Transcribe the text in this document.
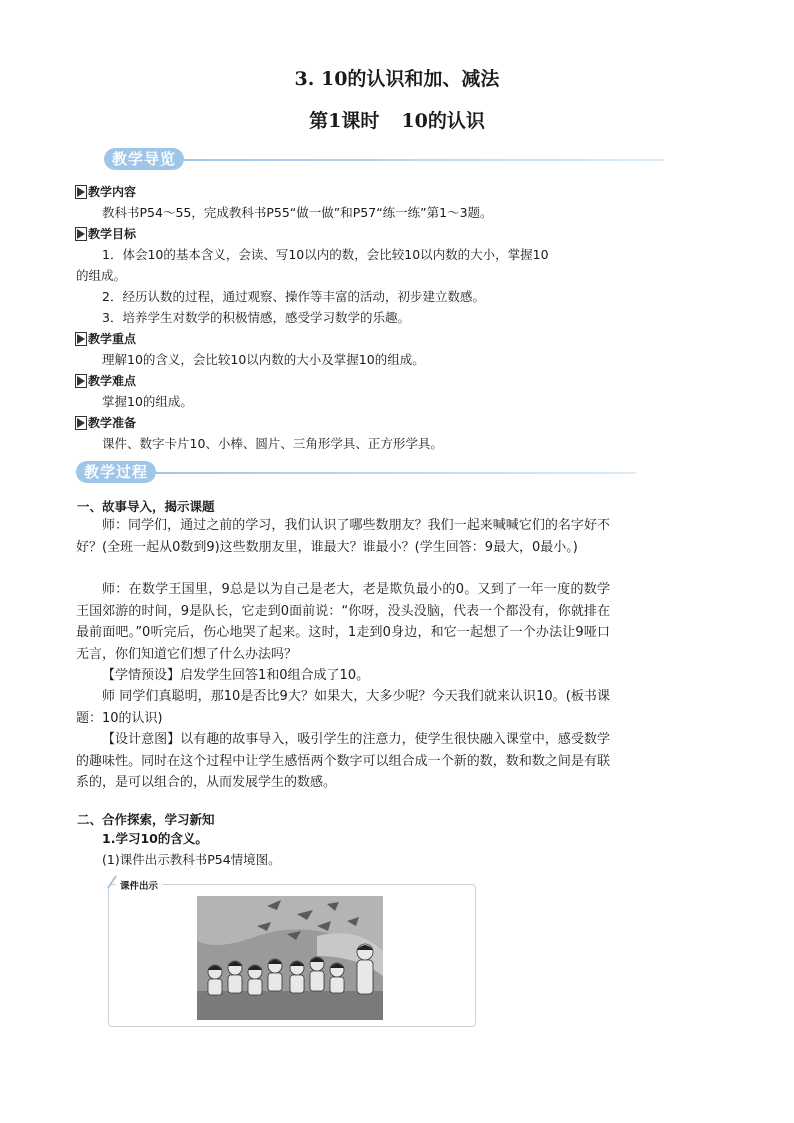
3. 10的认识和加、减法
第1课时 10的认识
教学导览
教学内容
教科书P54～55，完成教科书P55“做一做”和P57“练一练”第1～3题。
教学目标
1．体会10的基本含义，会读、写10以内的数，会比较10以内数的大小，掌握10
的组成。
2．经历认数的过程，通过观察、操作等丰富的活动，初步建立数感。
3．培养学生对数学的积极情感，感受学习数学的乐趣。
教学重点
理解10的含义，会比较10以内数的大小及掌握10的组成。
教学难点
掌握10的组成。
教学准备
课件、数字卡片10、小棒、圆片、三角形学具、正方形学具。
教学过程
一、故事导入，揭示课题
师：同学们，通过之前的学习，我们认识了哪些数朋友？我们一起来喊喊它们的名字好不好？(全班一起从0数到9)这些数朋友里，谁最大？谁最小？(学生回答：9最大，0最小。)
师：在数学王国里，9总是以为自己是老大，老是欺负最小的0。又到了一年一度的数学王国郊游的时间，9是队长，它走到0面前说：“你呀，没头没脑，代表一个都没有，你就排在最前面吧。”0听完后，伤心地哭了起来。这时，1走到0身边，和它一起想了一个办法让9哑口无言，你们知道它们想了什么办法吗？
【学情预设】启发学生回答1和0组合成了10。
师 同学们真聪明，那10是否比9大？如果大，大多少呢？今天我们就来认识10。(板书课题：10的认识)
【设计意图】以有趣的故事导入，吸引学生的注意力，使学生很快融入课堂中，感受数学的趣味性。同时在这个过程中让学生感悟两个数字可以组合成一个新的数，数和数之间是有联系的，是可以组合的，从而发展学生的数感。
二、合作探索，学习新知
1.学习10的含义。
(1)课件出示教科书P54情境图。
课件出示
